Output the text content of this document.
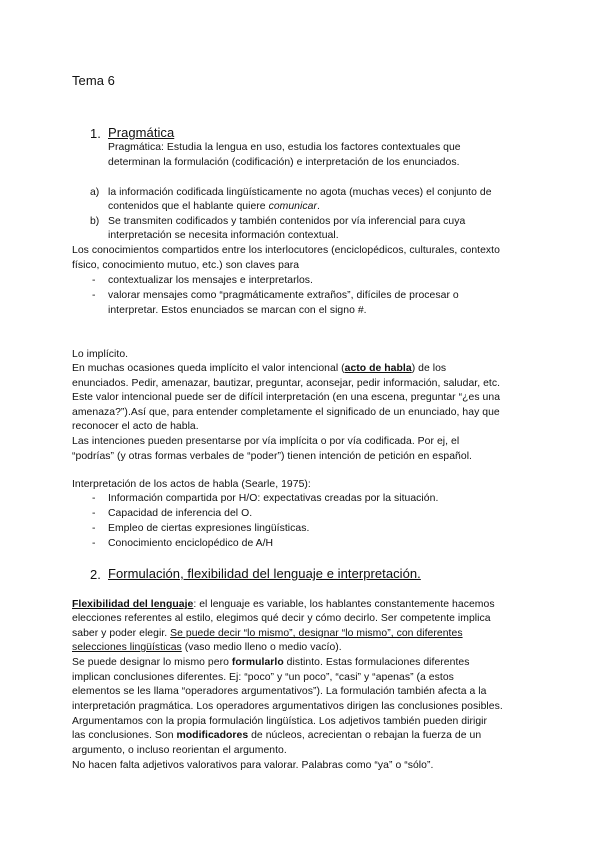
Tema 6
1. Pragmática
Pragmática: Estudia la lengua en uso, estudia los factores contextuales que
determinan la formulación (codificación) e interpretación de los enunciados.
a) la información codificada lingüísticamente no agota (muchas veces) el conjunto de
contenidos que el hablante quiere comunicar.
b) Se transmiten codificados y también contenidos por vía inferencial para cuya
interpretación se necesita información contextual.
Los conocimientos compartidos entre los interlocutores (enciclopédicos, culturales, contexto
físico, conocimiento mutuo, etc.) son claves para
- contextualizar los mensajes e interpretarlos.
- valorar mensajes como “pragmáticamente extraños”, difíciles de procesar o
interpretar. Estos enunciados se marcan con el signo #.
Lo implícito.
En muchas ocasiones queda implícito el valor intencional (acto de habla) de los
enunciados. Pedir, amenazar, bautizar, preguntar, aconsejar, pedir información, saludar, etc.
Este valor intencional puede ser de difícil interpretación (en una escena, preguntar “¿es una
amenaza?”).Así que, para entender completamente el significado de un enunciado, hay que
reconocer el acto de habla.
Las intenciones pueden presentarse por vía implícita o por vía codificada. Por ej, el
“podrías” (y otras formas verbales de “poder”) tienen intención de petición en español.
Interpretación de los actos de habla (Searle, 1975):
- Información compartida por H/O: expectativas creadas por la situación.
- Capacidad de inferencia del O.
- Empleo de ciertas expresiones lingüísticas.
- Conocimiento enciclopédico de A/H
2. Formulación, flexibilidad del lenguaje e interpretación.
Flexibilidad del lenguaje: el lenguaje es variable, los hablantes constantemente hacemos
elecciones referentes al estilo, elegimos qué decir y cómo decirlo. Ser competente implica
saber y poder elegir. Se puede decir “lo mismo”, designar “lo mismo”, con diferentes
selecciones lingüísticas (vaso medio lleno o medio vacío).
Se puede designar lo mismo pero formularlo distinto. Estas formulaciones diferentes
implican conclusiones diferentes. Ej: “poco” y “un poco”, “casi” y “apenas” (a estos
elementos se les llama “operadores argumentativos”). La formulación también afecta a la
interpretación pragmática. Los operadores argumentativos dirigen las conclusiones posibles.
Argumentamos con la propia formulación lingüística. Los adjetivos también pueden dirigir
las conclusiones. Son modificadores de núcleos, acrecientan o rebajan la fuerza de un
argumento, o incluso reorientan el argumento.
No hacen falta adjetivos valorativos para valorar. Palabras como “ya” o “sólo”.
